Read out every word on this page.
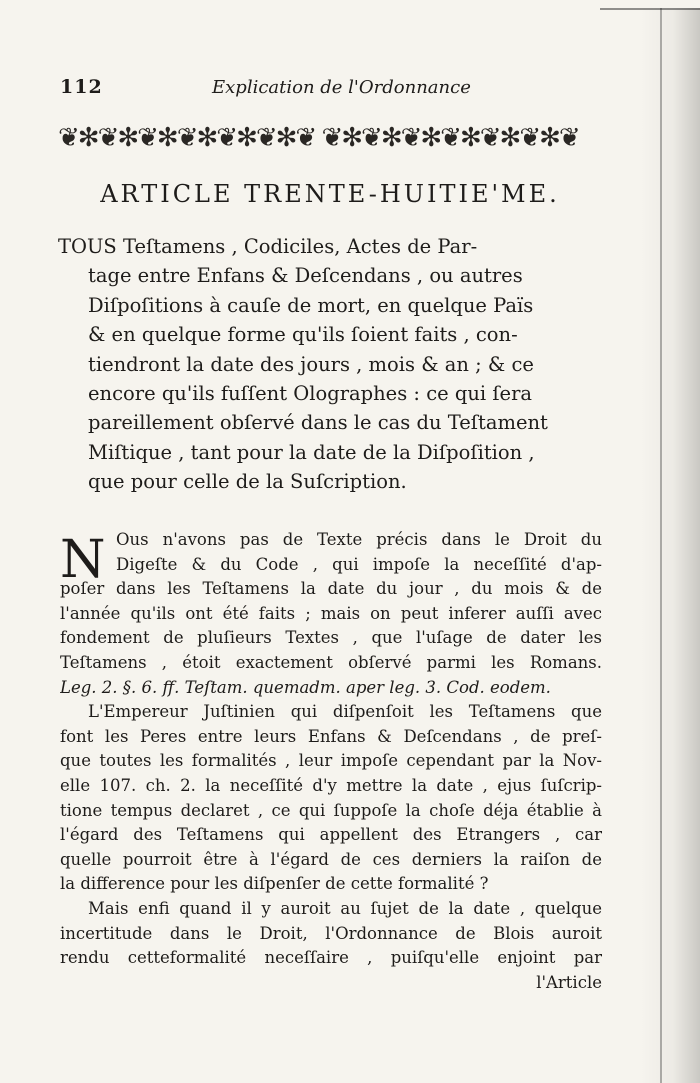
112	Explication de l'Ordonnance
❦✻❦✻❦✻❦✻❦✻❦✻❦ ❦✻❦✻❦✻❦✻❦✻❦✻❦
ARTICLE TRENTE-HUITIE'ME.
TOUS Teſtamens , Codiciles, Actes de Par-
tage entre Enfans & Deſcendans , ou autres
Diſpoſitions à cauſe de mort, en quelque Païs
& en quelque forme qu'ils ſoient faits , con-
tiendront la date des jours , mois & an ; & ce
encore qu'ils fuſſent Olographes : ce qui ſera
pareillement obſervé dans le cas du Teſtament
Miſtique , tant pour la date de la Diſpoſition ,
que pour celle de la Suſcription.
N Ous n'avons pas de Texte précis dans le Droit du
Digeſte & du Code , qui impoſe la neceſſité d'ap-
poſer dans les Teſtamens la date du jour , du mois & de
l'année qu'ils ont été faits ; mais on peut inferer auſſi avec
fondement de pluſieurs Textes , que l'uſage de dater les
Teſtamens , étoit exactement obſervé parmi les Romans.
Leg. 2. §. 6. ff. Teſtam. quemadm. aper leg. 3. Cod. eodem.
L'Empereur Juſtinien qui diſpenſoit les Teſtamens que
font les Peres entre leurs Enfans & Deſcendans , de preſ-
que toutes les formalités , leur impoſe cependant par la Nov-
elle 107. ch. 2. la neceſſité d'y mettre la date , ejus ſuſcrip-
tione tempus declaret , ce qui ſuppoſe la choſe déja établie à
l'égard des Teſtamens qui appellent des Etrangers , car
quelle pourroit être à l'égard de ces derniers la raiſon de
la difference pour les diſpenſer de cette formalité ?
Mais enfi quand il y auroit au ſujet de la date , quelque
incertitude dans le Droit, l'Ordonnance de Blois auroit
rendu cetteformalité neceſſaire , puiſqu'elle enjoint par
l'Article
